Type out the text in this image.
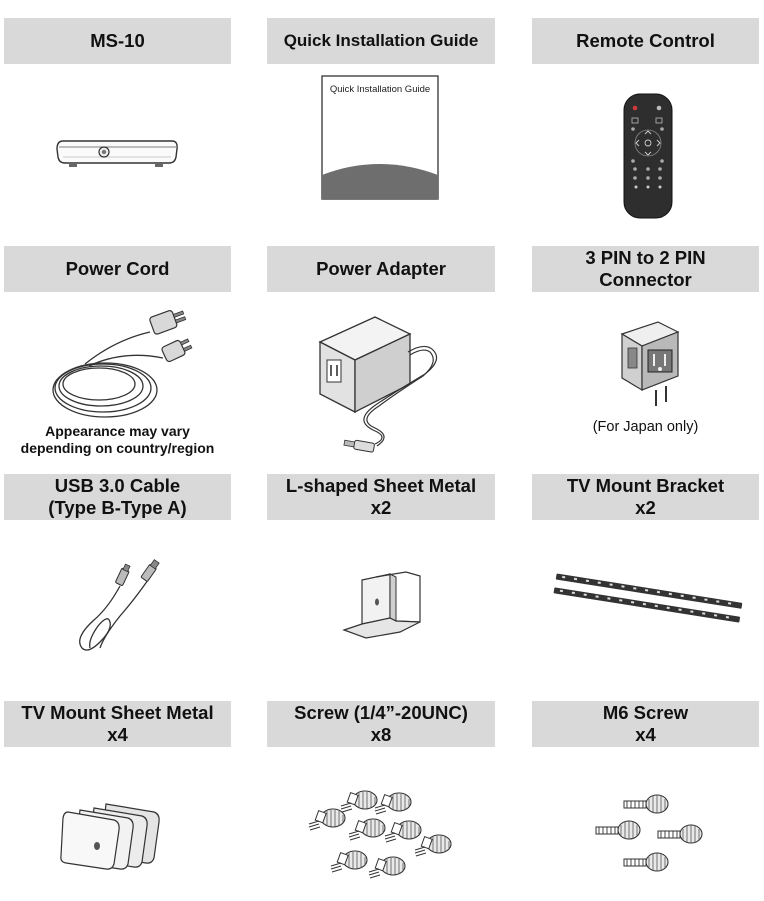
MS-10	Quick Installation Guide	Remote Control
Power Cord	Power Adapter
3 PIN to 2 PIN
Connector
USB 3.0 Cable
(Type B-Type A)
L-shaped Sheet Metal
x2
TV Mount Bracket
x2
TV Mount Sheet Metal
x4
Screw (1/4”-20UNC)
x8
M6 Screw
x4
Quick Installation Guide
Appearance may vary
depending on country/region
(For Japan only)
